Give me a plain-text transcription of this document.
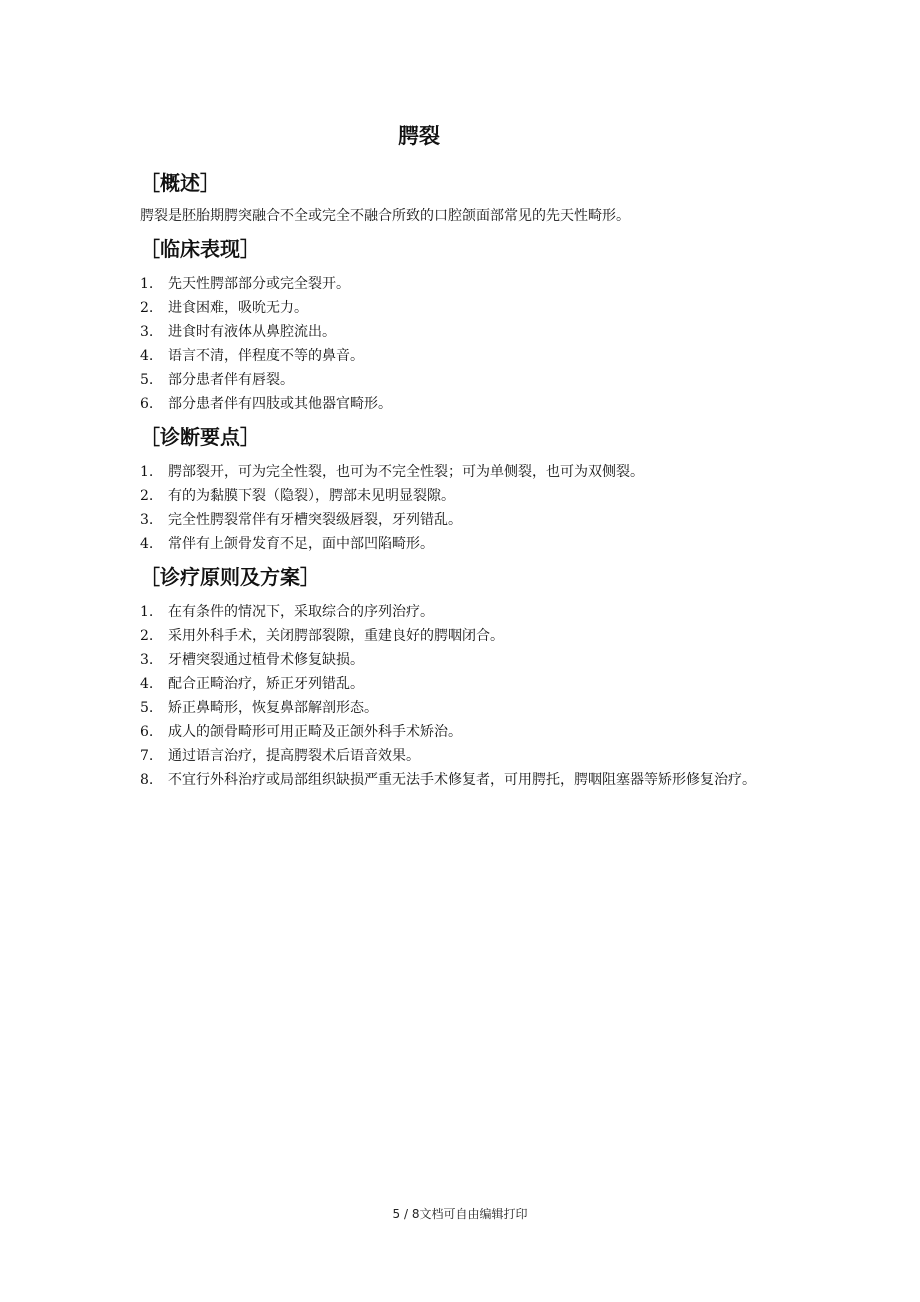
腭裂
［概述］

腭裂是胚胎期腭突融合不全或完全不融合所致的口腔颌面部常见的先天性畸形。

［临床表现］
1. 先天性腭部部分或完全裂开。
2. 进食困难，吸吮无力。
3. 进食时有液体从鼻腔流出。
4. 语言不清，伴程度不等的鼻音。
5. 部分患者伴有唇裂。
6. 部分患者伴有四肢或其他器官畸形。
［诊断要点］
1. 腭部裂开，可为完全性裂，也可为不完全性裂；可为单侧裂，也可为双侧裂。
2. 有的为黏膜下裂（隐裂），腭部未见明显裂隙。
3. 完全性腭裂常伴有牙槽突裂级唇裂，牙列错乱。
4. 常伴有上颌骨发育不足，面中部凹陷畸形。
［诊疗原则及方案］
1. 在有条件的情况下，采取综合的序列治疗。
2. 采用外科手术，关闭腭部裂隙，重建良好的腭咽闭合。
3. 牙槽突裂通过植骨术修复缺损。
4. 配合正畸治疗，矫正牙列错乱。
5. 矫正鼻畸形，恢复鼻部解剖形态。
6. 成人的颌骨畸形可用正畸及正颌外科手术矫治。
7. 通过语言治疗，提高腭裂术后语音效果。
8. 不宜行外科治疗或局部组织缺损严重无法手术修复者，可用腭托，腭咽阻塞器等矫形修复治疗。
5 / 8文档可自由编辑打印
